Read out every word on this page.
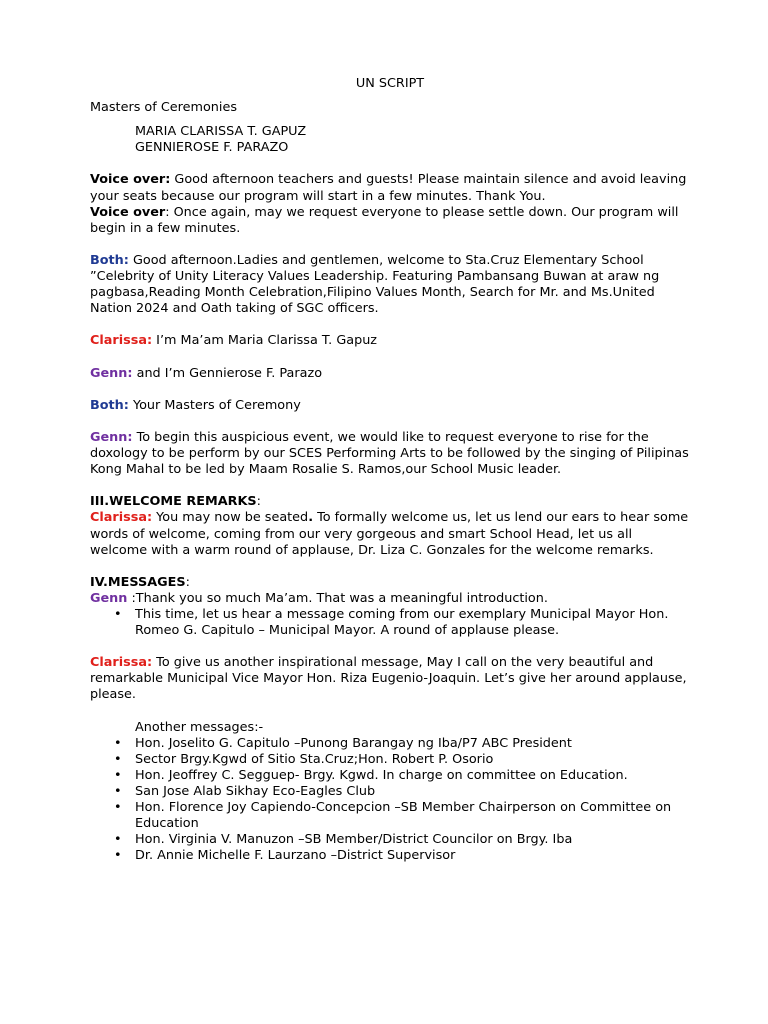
UN SCRIPT

Masters of Ceremonies

MARIA CLARISSA T. GAPUZ

GENNIEROSE F. PARAZO

Voice over: Good afternoon teachers and guests! Please maintain silence and avoid leaving your seats because our program will start in a few minutes. Thank You.

Voice over: Once again, may we request everyone to please settle down. Our program will begin in a few minutes.

Both: Good afternoon.Ladies and gentlemen, welcome to Sta.Cruz Elementary School ”Celebrity of Unity Literacy Values Leadership. Featuring Pambansang Buwan at araw ng pagbasa,Reading Month Celebration,Filipino Values Month, Search for Mr. and Ms.United Nation 2024 and Oath taking of SGC officers.

Clarissa: I’m Ma’am Maria Clarissa T. Gapuz

Genn: and I’m Gennierose F. Parazo

Both: Your Masters of Ceremony

Genn: To begin this auspicious event, we would like to request everyone to rise for the doxology to be perform by our SCES Performing Arts to be followed by the singing of Pilipinas Kong Mahal to be led by Maam Rosalie S. Ramos,our School Music leader.

III.WELCOME REMARKS:

Clarissa: You may now be seated. To formally welcome us, let us lend our ears to hear some words of welcome, coming from our very gorgeous and smart School Head, let us all welcome with a warm round of applause, Dr. Liza C. Gonzales for the welcome remarks.

IV.MESSAGES:

Genn :Thank you so much Ma’am. That was a meaningful introduction.

• This time, let us hear a message coming from our exemplary Municipal Mayor Hon. Romeo G. Capitulo – Municipal Mayor. A round of applause please.

Clarissa: To give us another inspirational message, May I call on the very beautiful and remarkable Municipal Vice Mayor Hon. Riza Eugenio-Joaquin. Let’s give her around applause, please.

Another messages:-

• Hon. Joselito G. Capitulo –Punong Barangay ng Iba/P7 ABC President
• Sector Brgy.Kgwd of Sitio Sta.Cruz;Hon. Robert P. Osorio
• Hon. Jeoffrey C. Segguep- Brgy. Kgwd. In charge on committee on Education.
• San Jose Alab Sikhay Eco-Eagles Club
• Hon. Florence Joy Capiendo-Concepcion –SB Member Chairperson on Committee on Education
• Hon. Virginia V. Manuzon –SB Member/District Councilor on Brgy. Iba
• Dr. Annie Michelle F. Laurzano –District Supervisor
